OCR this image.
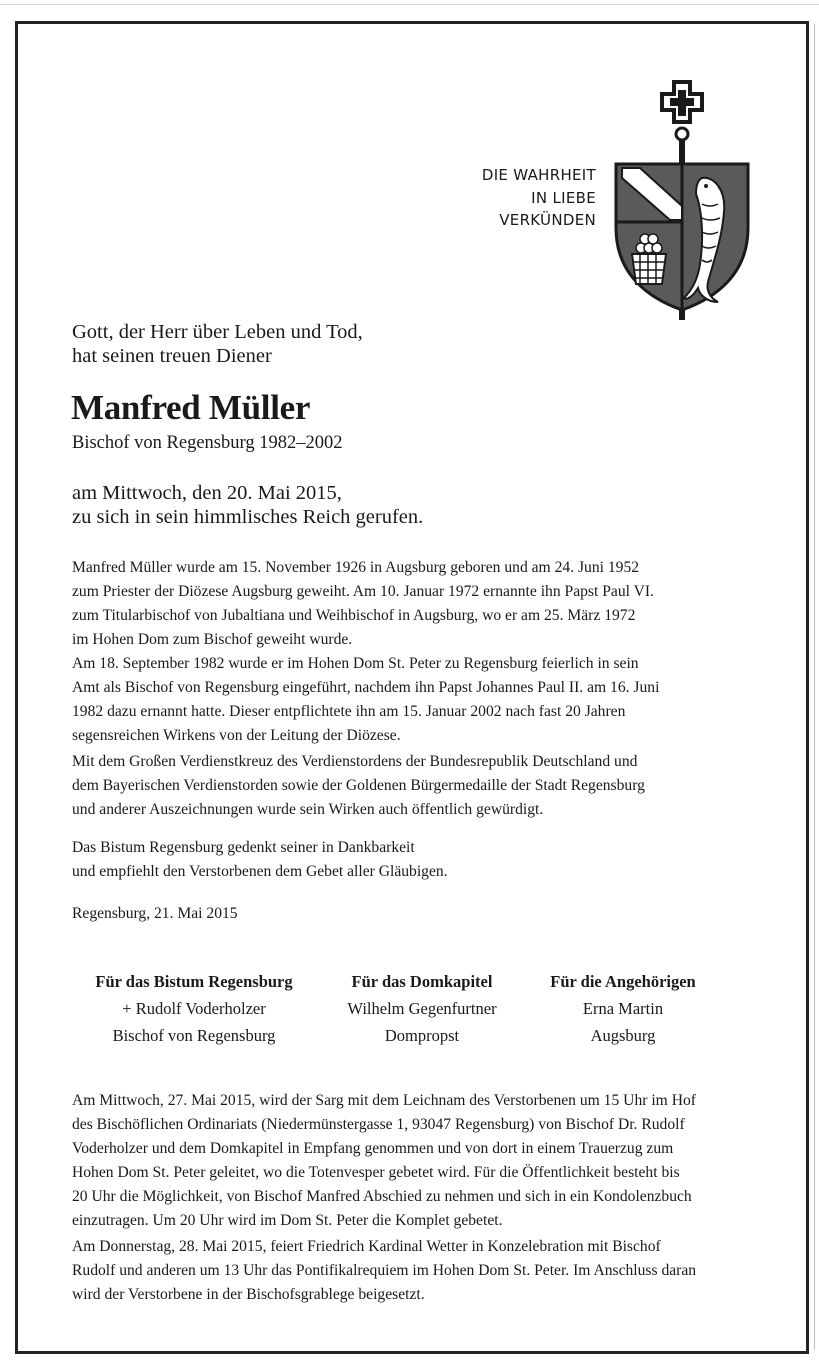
DIE WAHRHEIT
IN LIEBE
VERKÜNDEN
Gott, der Herr über Leben und Tod,
hat seinen treuen Diener
Manfred Müller
Bischof von Regensburg 1982–2002
am Mittwoch, den 20. Mai 2015,
zu sich in sein himmlisches Reich gerufen.
Manfred Müller wurde am 15. November 1926 in Augsburg geboren und am 24. Juni 1952
zum Priester der Diözese Augsburg geweiht. Am 10. Januar 1972 ernannte ihn Papst Paul VI.
zum Titularbischof von Jubaltiana und Weihbischof in Augsburg, wo er am 25. März 1972
im Hohen Dom zum Bischof geweiht wurde.
Am 18. September 1982 wurde er im Hohen Dom St. Peter zu Regensburg feierlich in sein
Amt als Bischof von Regensburg eingeführt, nachdem ihn Papst Johannes Paul II. am 16. Juni
1982 dazu ernannt hatte. Dieser entpflichtete ihn am 15. Januar 2002 nach fast 20 Jahren
segensreichen Wirkens von der Leitung der Diözese.
Mit dem Großen Verdienstkreuz des Verdienstordens der Bundesrepublik Deutschland und
dem Bayerischen Verdienstorden sowie der Goldenen Bürgermedaille der Stadt Regensburg
und anderer Auszeichnungen wurde sein Wirken auch öffentlich gewürdigt.
Das Bistum Regensburg gedenkt seiner in Dankbarkeit
und empfiehlt den Verstorbenen dem Gebet aller Gläubigen.
Regensburg, 21. Mai 2015
Für das Bistum Regensburg
+ Rudolf Voderholzer
Bischof von Regensburg
Für das Domkapitel
Wilhelm Gegenfurtner
Dompropst
Für die Angehörigen
Erna Martin
Augsburg
Am Mittwoch, 27. Mai 2015, wird der Sarg mit dem Leichnam des Verstorbenen um 15 Uhr im Hof
des Bischöflichen Ordinariats (Niedermünstergasse 1, 93047 Regensburg) von Bischof Dr. Rudolf
Voderholzer und dem Domkapitel in Empfang genommen und von dort in einem Trauerzug zum
Hohen Dom St. Peter geleitet, wo die Totenvesper gebetet wird. Für die Öffentlichkeit besteht bis
20 Uhr die Möglichkeit, von Bischof Manfred Abschied zu nehmen und sich in ein Kondolenzbuch
einzutragen. Um 20 Uhr wird im Dom St. Peter die Komplet gebetet.
Am Donnerstag, 28. Mai 2015, feiert Friedrich Kardinal Wetter in Konzelebration mit Bischof
Rudolf und anderen um 13 Uhr das Pontifikalrequiem im Hohen Dom St. Peter. Im Anschluss daran
wird der Verstorbene in der Bischofsgrablege beigesetzt.
